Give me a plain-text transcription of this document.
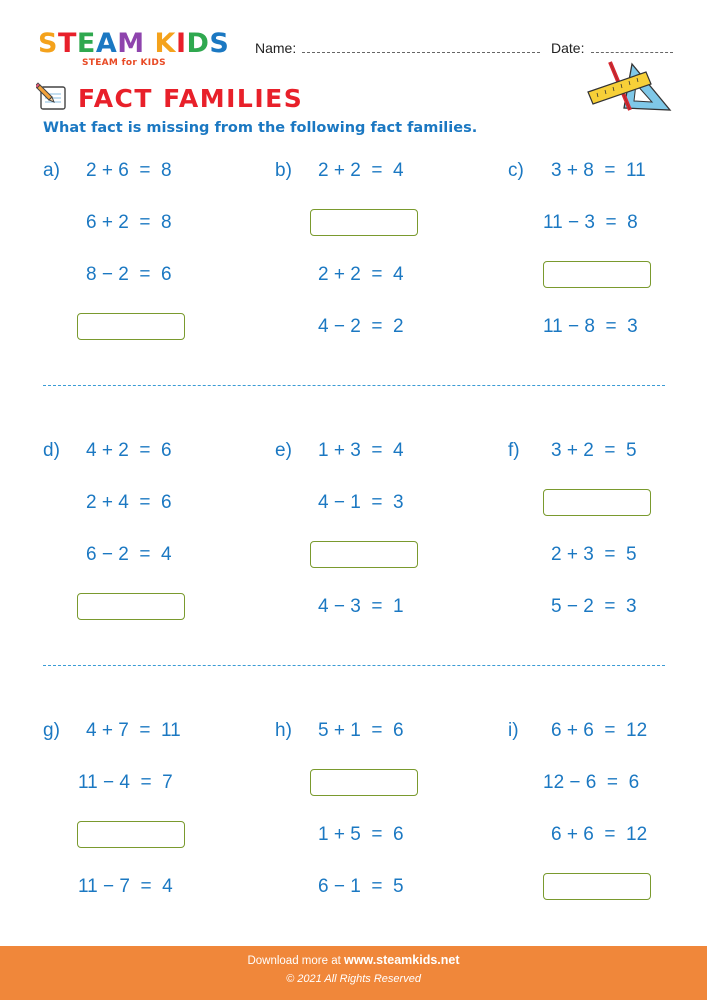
STEAM KIDS
STEAM for KIDS
Name:	Date:
FACT FAMILIES
What fact is missing from the following fact families.
a) 2 + 6  =  8
6 + 2  =  8
8 − 2  =  6
b) 2 + 2  =  4
2 + 2  =  4
4 − 2  =  2
c) 3 + 8  =  11
11 − 3  =  8
11 − 8  =  3
d) 4 + 2  =  6
2 + 4  =  6
6 − 2  =  4
e) 1 + 3  =  4
4 − 1  =  3
4 − 3  =  1
f) 3 + 2  =  5
2 + 3  =  5
5 − 2  =  3
g) 4 + 7  =  11
11 − 4  =  7
11 − 7  =  4
h) 5 + 1  =  6
1 + 5  =  6
6 − 1  =  5
i) 6 + 6  =  12
12 − 6  =  6
6 + 6  =  12
Download more at www.steamkids.net
© 2021 All Rights Reserved
